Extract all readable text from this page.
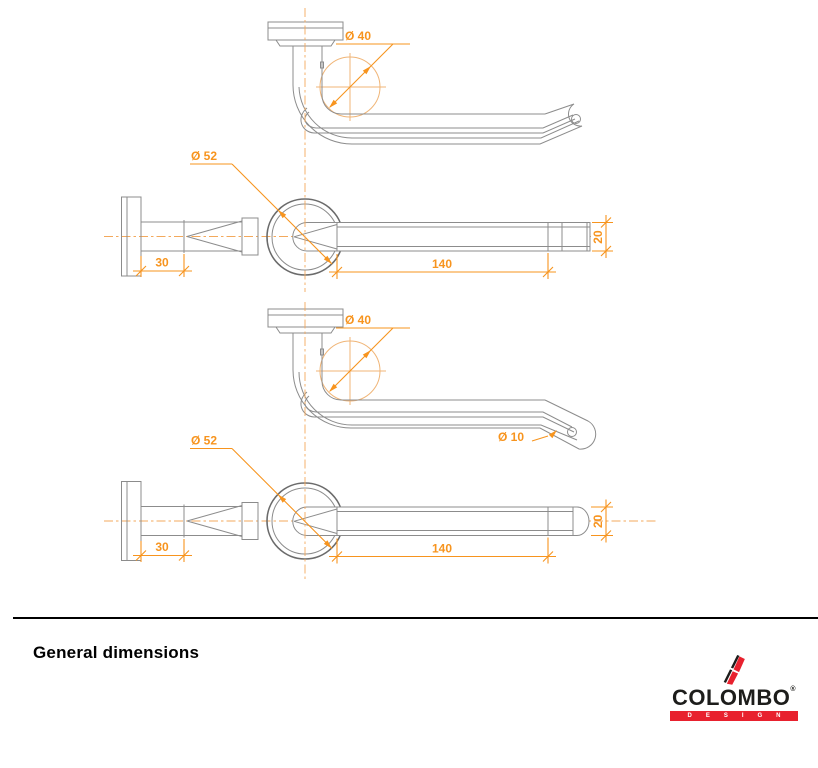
30
Ø 52
140
20
Ø 40
30
Ø 52
140
20
Ø 40
Ø 10
General dimensions
COLOMBO®
DESIGN
